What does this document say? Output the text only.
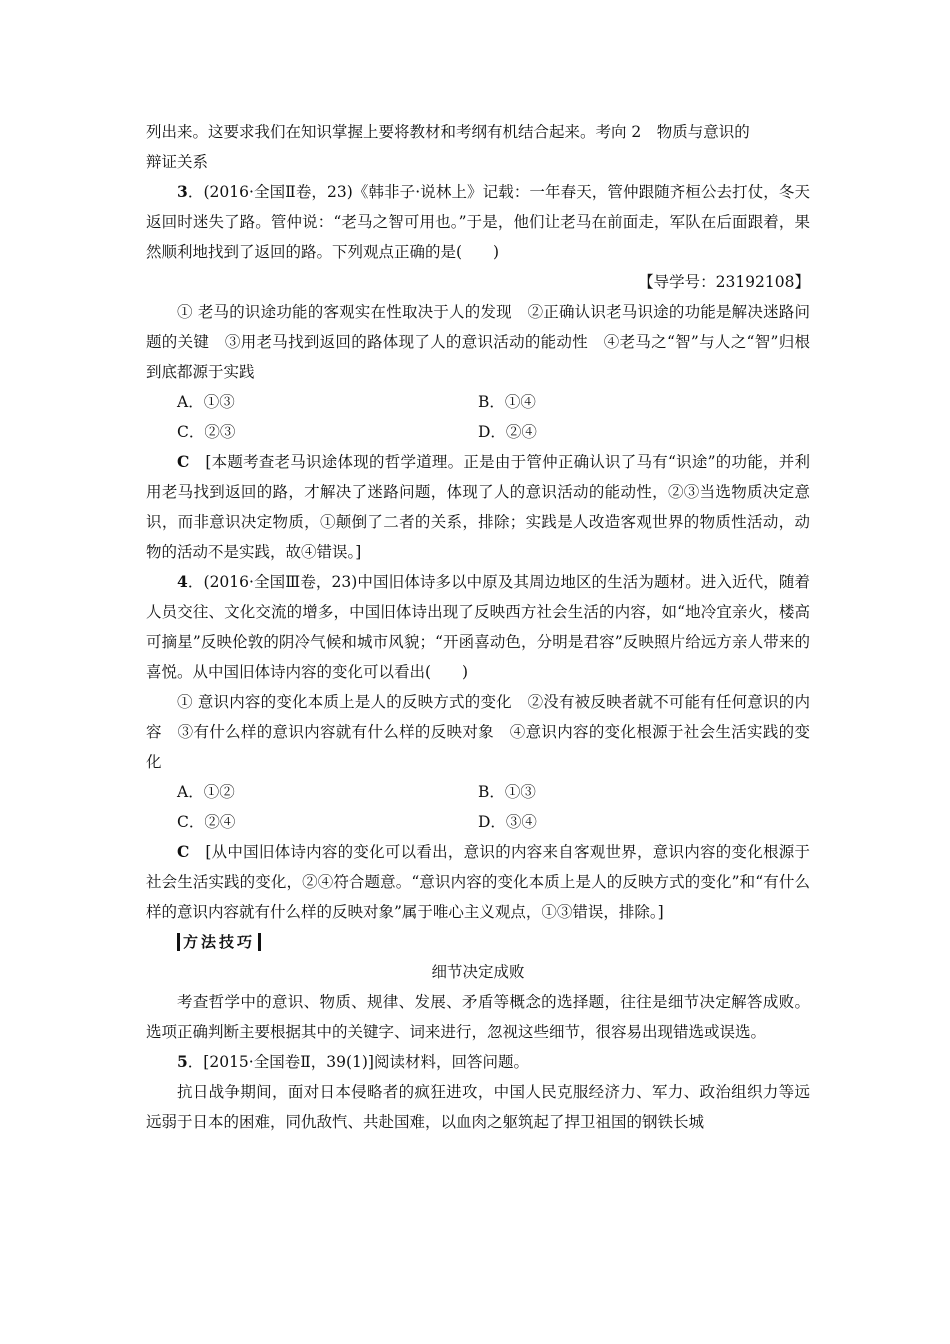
列出来。这要求我们在知识掌握上要将教材和考纲有机结合起来。考向 2　物质与意识的

辩证关系

3．(2016·全国Ⅱ卷，23)《韩非子·说林上》记载：一年春天，管仲跟随齐桓公去打仗，冬天返回时迷失了路。管仲说：“老马之智可用也。”于是，他们让老马在前面走，军队在后面跟着，果然顺利地找到了返回的路。下列观点正确的是(　　)

【导学号：23192108】

① 老马的识途功能的客观实在性取决于人的发现　②正确认识老马识途的功能是解决迷路问题的关键　③用老马找到返回的路体现了人的意识活动的能动性　④老马之“智”与人之“智”归根到底都源于实践

A．①③	B．①④
C．②③	D．②④

C　[本题考查老马识途体现的哲学道理。正是由于管仲正确认识了马有“识途”的功能，并利用老马找到返回的路，才解决了迷路问题，体现了人的意识活动的能动性，②③当选物质决定意识，而非意识决定物质，①颠倒了二者的关系，排除；实践是人改造客观世界的物质性活动，动物的活动不是实践，故④错误。]

4．(2016·全国Ⅲ卷，23)中国旧体诗多以中原及其周边地区的生活为题材。进入近代，随着人员交往、文化交流的增多，中国旧体诗出现了反映西方社会生活的内容，如“地冷宜亲火，楼高可摘星”反映伦敦的阴冷气候和城市风貌；“开函喜动色，分明是君容”反映照片给远方亲人带来的喜悦。从中国旧体诗内容的变化可以看出(　　)

① 意识内容的变化本质上是人的反映方式的变化　②没有被反映者就不可能有任何意识的内容　③有什么样的意识内容就有什么样的反映对象　④意识内容的变化根源于社会生活实践的变化

A．①②	B．①③
C．②④	D．③④

C　[从中国旧体诗内容的变化可以看出，意识的内容来自客观世界，意识内容的变化根源于社会生活实践的变化，②④符合题意。“意识内容的变化本质上是人的反映方式的变化”和“有什么样的意识内容就有什么样的反映对象”属于唯心主义观点，①③错误，排除。]

方法技巧

细节决定成败

考查哲学中的意识、物质、规律、发展、矛盾等概念的选择题，往往是细节决定解答成败。选项正确判断主要根据其中的关键字、词来进行，忽视这些细节，很容易出现错选或误选。

5．[2015·全国卷Ⅱ，39(1)]阅读材料，回答问题。

抗日战争期间，面对日本侵略者的疯狂进攻，中国人民克服经济力、军力、政治组织力等远远弱于日本的困难，同仇敌忾、共赴国难，以血肉之躯筑起了捍卫祖国的钢铁长城
